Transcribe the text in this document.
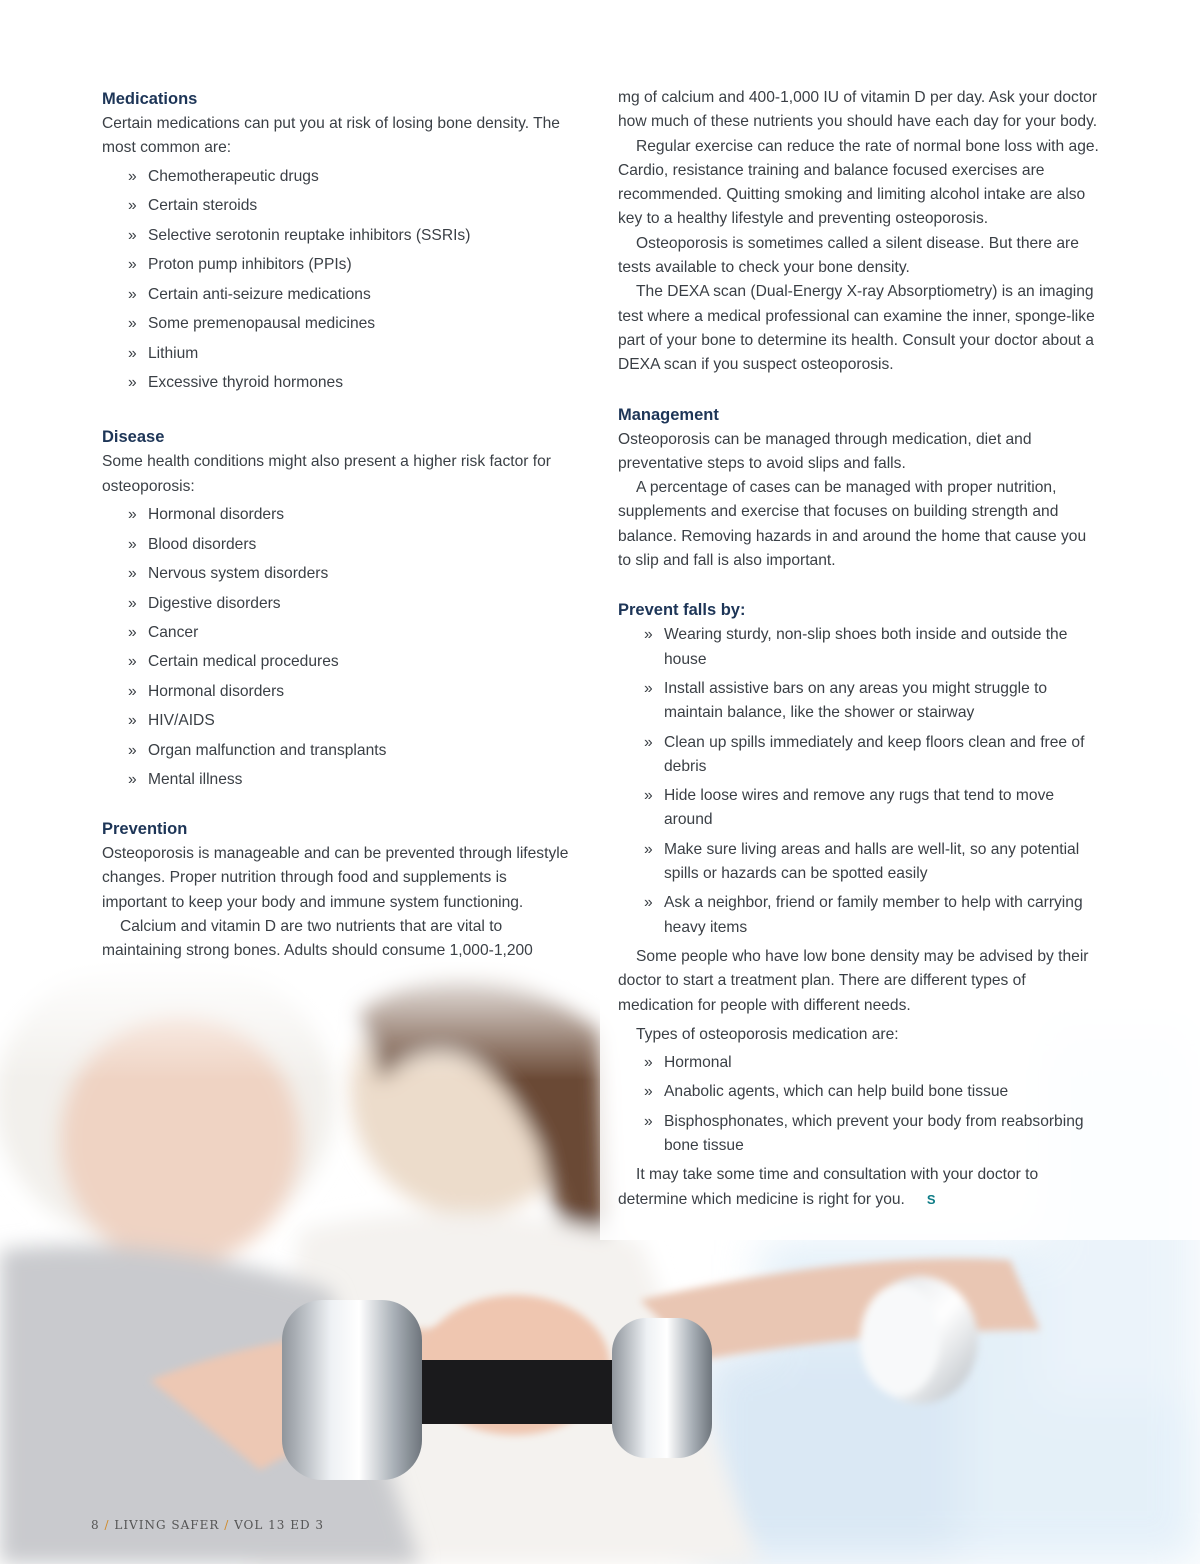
Medications

Certain medications can put you at risk of losing bone density. The most common are:

» Chemotherapeutic drugs
» Certain steroids
» Selective serotonin reuptake inhibitors (SSRIs)
» Proton pump inhibitors (PPIs)
» Certain anti-seizure medications
» Some premenopausal medicines
» Lithium
» Excessive thyroid hormones
Disease

Some health conditions might also present a higher risk factor for osteoporosis:

» Hormonal disorders
» Blood disorders
» Nervous system disorders
» Digestive disorders
» Cancer
» Certain medical procedures
» Hormonal disorders
» HIV/AIDS
» Organ malfunction and transplants
» Mental illness
Prevention

Osteoporosis is manageable and can be prevented through lifestyle changes. Proper nutrition through food and supplements is important to keep your body and immune system functioning.

Calcium and vitamin D are two nutrients that are vital to maintaining strong bones. Adults should consume 1,000-1,200

mg of calcium and 400-1,000 IU of vitamin D per day. Ask your doctor how much of these nutrients you should have each day for your body.

Regular exercise can reduce the rate of normal bone loss with age. Cardio, resistance training and balance focused exercises are recommended. Quitting smoking and limiting alcohol intake are also key to a healthy lifestyle and preventing osteoporosis.

Osteoporosis is sometimes called a silent disease. But there are tests available to check your bone density.

The DEXA scan (Dual-Energy X-ray Absorptiometry) is an imaging test where a medical professional can examine the inner, sponge-like part of your bone to determine its health. Consult your doctor about a DEXA scan if you suspect osteoporosis.

Management

Osteoporosis can be managed through medication, diet and preventative steps to avoid slips and falls.

A percentage of cases can be managed with proper nutrition, supplements and exercise that focuses on building strength and balance. Removing hazards in and around the home that cause you to slip and fall is also important.

Prevent falls by:
» Wearing sturdy, non-slip shoes both inside and outside the house
» Install assistive bars on any areas you might struggle to maintain balance, like the shower or stairway
» Clean up spills immediately and keep floors clean and free of debris
» Hide loose wires and remove any rugs that tend to move around
» Make sure living areas and halls are well-lit, so any potential spills or hazards can be spotted easily
» Ask a neighbor, friend or family member to help with carrying heavy items

Some people who have low bone density may be advised by their doctor to start a treatment plan. There are different types of medication for people with different needs.

Types of osteoporosis medication are:

» Hormonal
» Anabolic agents, which can help build bone tissue
» Bisphosphonates, which prevent your body from reabsorbing bone tissue

It may take some time and consultation with your doctor to determine which medicine is right for you. S

8 / LIVING SAFER / VOL 13 ED 3
